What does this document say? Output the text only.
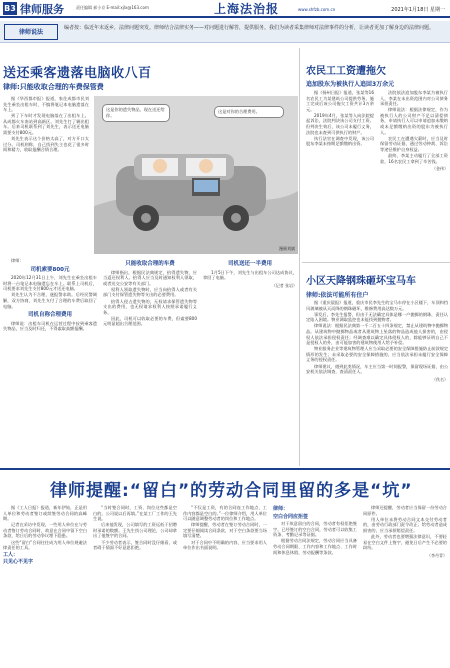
B3 律师服务	责任编辑 郝小京 E-mail:xjlx@163.com	上海法治报	www.shfzb.com.cn	2021年1月18日 星期一
律师说法
编者按：临近年末返乡，法律问题突发。律师结合法律实务——对问题进行解答，提供服务。我们为读者采集律师对法律事件的分析，让读者更加了解身边的法律问题。
送还乘客遗落电脑收八百
律师:只能收取合理的车费保管费

据《华西都市报》报道，家住成都市民刘先生乘坐出租车时，不慎将笔记本电脑遗落在车上。

到了下车时才发现电脑落在了出租车上。从成都火车南站到高新区，刘先生打了辆出租车。后来司机联系到了刘先生，表示送还电脑需要支付800元。

刘先生表示这个价格太高了，对方开口太过分。司机则称，自己找到失主也花了很多时间和精力，收取报酬合情合理。

这是你的遗失物品，现在送还给你。
这是对你的合理费用。
漫画刘斌

律师：

司机索要800元

2020年12月31日上午，刘先生在乘坐出租车时将一台笔记本电脑遗忘在车上。联系上司机后，司机要求刘先生支付800元才送还电脑。

刘先生认为不合理，遂报警求助。后经民警调解，双方协商，刘先生支付了合理的车费后取回了电脑。

司机自称合理费用

律师说：出租车司机在运营过程中捡到乘客遗失物品，应当及时归还，不得索取高额报酬。

只能收取合理的车费

律师指出，根据民法典规定，拾得遗失物，应当返还权利人。拾得人应当及时通知权利人领取，或者送交公安等有关部门。

权利人领取遗失物时，应当向拾得人或者有关部门支付保管遗失物等支出的必要费用。

拾得人侵占遗失物的，无权请求保管遗失物等支出的费用，也无权请求权利人按照承诺履行义务。

因此，司机可以收取必要的车费，但索要800元明显超出合理范围。

司机送还一半费用

1月5日下午，刘先生与出租车公司达成协议，拿回了电脑。

（记者 张岩）
农民工工资遭拖欠
追加股东为被执行人追回3万余元

据《扬州日报》报道，张某等16名农民工为某建筑公司提供劳务，施工完成后该公司拖欠工资共计3万余元。

2019年4月，张某等人向法院提起诉讼，法院判决该公司支付工资。但判决生效后，该公司未履行义务，法院也未查到可供执行的财产。

执行法官在调查中发现，该公司股东李某未按期足额缴纳出资。

法院依法追加股东李某为被执行人，李某在未出资范围内对公司债务承担责任。

律师说法：根据法律规定，作为被执行人的公司财产不足以清偿债务，申请执行人可以申请追加未缴纳或未足额缴纳出资的股东为被执行人。

农民工在遭遇欠薪时，应当及时保留劳动证据，通过劳动仲裁、诉讼等途径维护自身权益。

最终，李某主动履行了全部工资款，16名农民工拿到了辛苦钱。

（金伟）
小区天降钢珠砸坏宝马车
律师:依法可能所有住户

据《重庆晨报》报道，重庆市民李先生的宝马车停在小区楼下，车顶和挡风玻璃被从天而降的钢珠砸坏，维修费用高达数万元。

事发后，李先生报警，但由于无法确定具体是哪一户抛掷的钢珠，责任认定陷入困境。物业调取监控也未能找到抛物者。

律师说法：根据民法典第一千二百五十四条规定，禁止从建筑物中抛掷物品。从建筑物中抛掷物品或者从建筑物上坠落的物品造成他人损害的，由侵权人依法承担侵权责任；经调查难以确定具体侵权人的，除能够证明自己不是侵权人的外，由可能加害的建筑物使用人给予补偿。

物业服务企业等建筑物管理人应当采取必要的安全保障措施防止前款规定情形的发生；未采取必要的安全保障措施的，应当依法承担未履行安全保障义务的侵权责任。

律师建议，遇到此类情况，车主应当第一时间报警，保留现场证据，由公安机关依法调查，查清责任人。

（佚名）
律师提醒:“留白”的劳动合同里留的多是“坑”

据《工人日报》报道，新年伊始，正是用人单位和劳动者签订或续签劳动合同的高峰期。

记者在采访中发现，一些用人单位在与劳动者签订劳动合同时，故意在合同中留下空白条款，给日后的劳动争议埋下隐患。

这些“留白”合同往往成为用人单位规避法律责任的工具。

工人：
只见心不见字

“当时签合同时，工资、岗位这些都是空白的，公司说以后再填。”在某工厂工作的王先生说。

后来他发现，公司填写的工资远低于招聘时承诺的数额。王先生找公司理论，公司却拿出了他签字的合同。

不少劳动者表示，签合同时没仔细看，或者碍于情面不好意思拒绝。

“不仅是工资，有的合同连工作地点、工作内容都是空白的。”一位律师介绍，用人单位可以随意调整劳动者的岗位和工作地点。

律师提醒，劳动者在签订劳动合同时，一定要仔细阅读合同条款，对于空白条款要当场填写清楚。

对于合同中不明确的内容，应当要求用人单位作出书面说明。

律师：
空白合同应拒签

对于故意留白的合同，劳动者有权拒绝签字。已经签订的空白合同，劳动者可以收集工资条、考勤记录等证据。

根据劳动合同法规定，劳动合同应当具备劳动合同期限、工作内容和工作地点、工作时间和休息休假、劳动报酬等条款。

律师还提醒，劳动者应当保留一份劳动合同原件。

用人单位未将劳动合同文本交付劳动者的，由劳动行政部门责令改正；给劳动者造成损害的，应当承担赔偿责任。

此外，劳动者也要增强法律意识，不要轻易在空白文件上签字，避免日后产生不必要的纠纷。

（李丹青）
